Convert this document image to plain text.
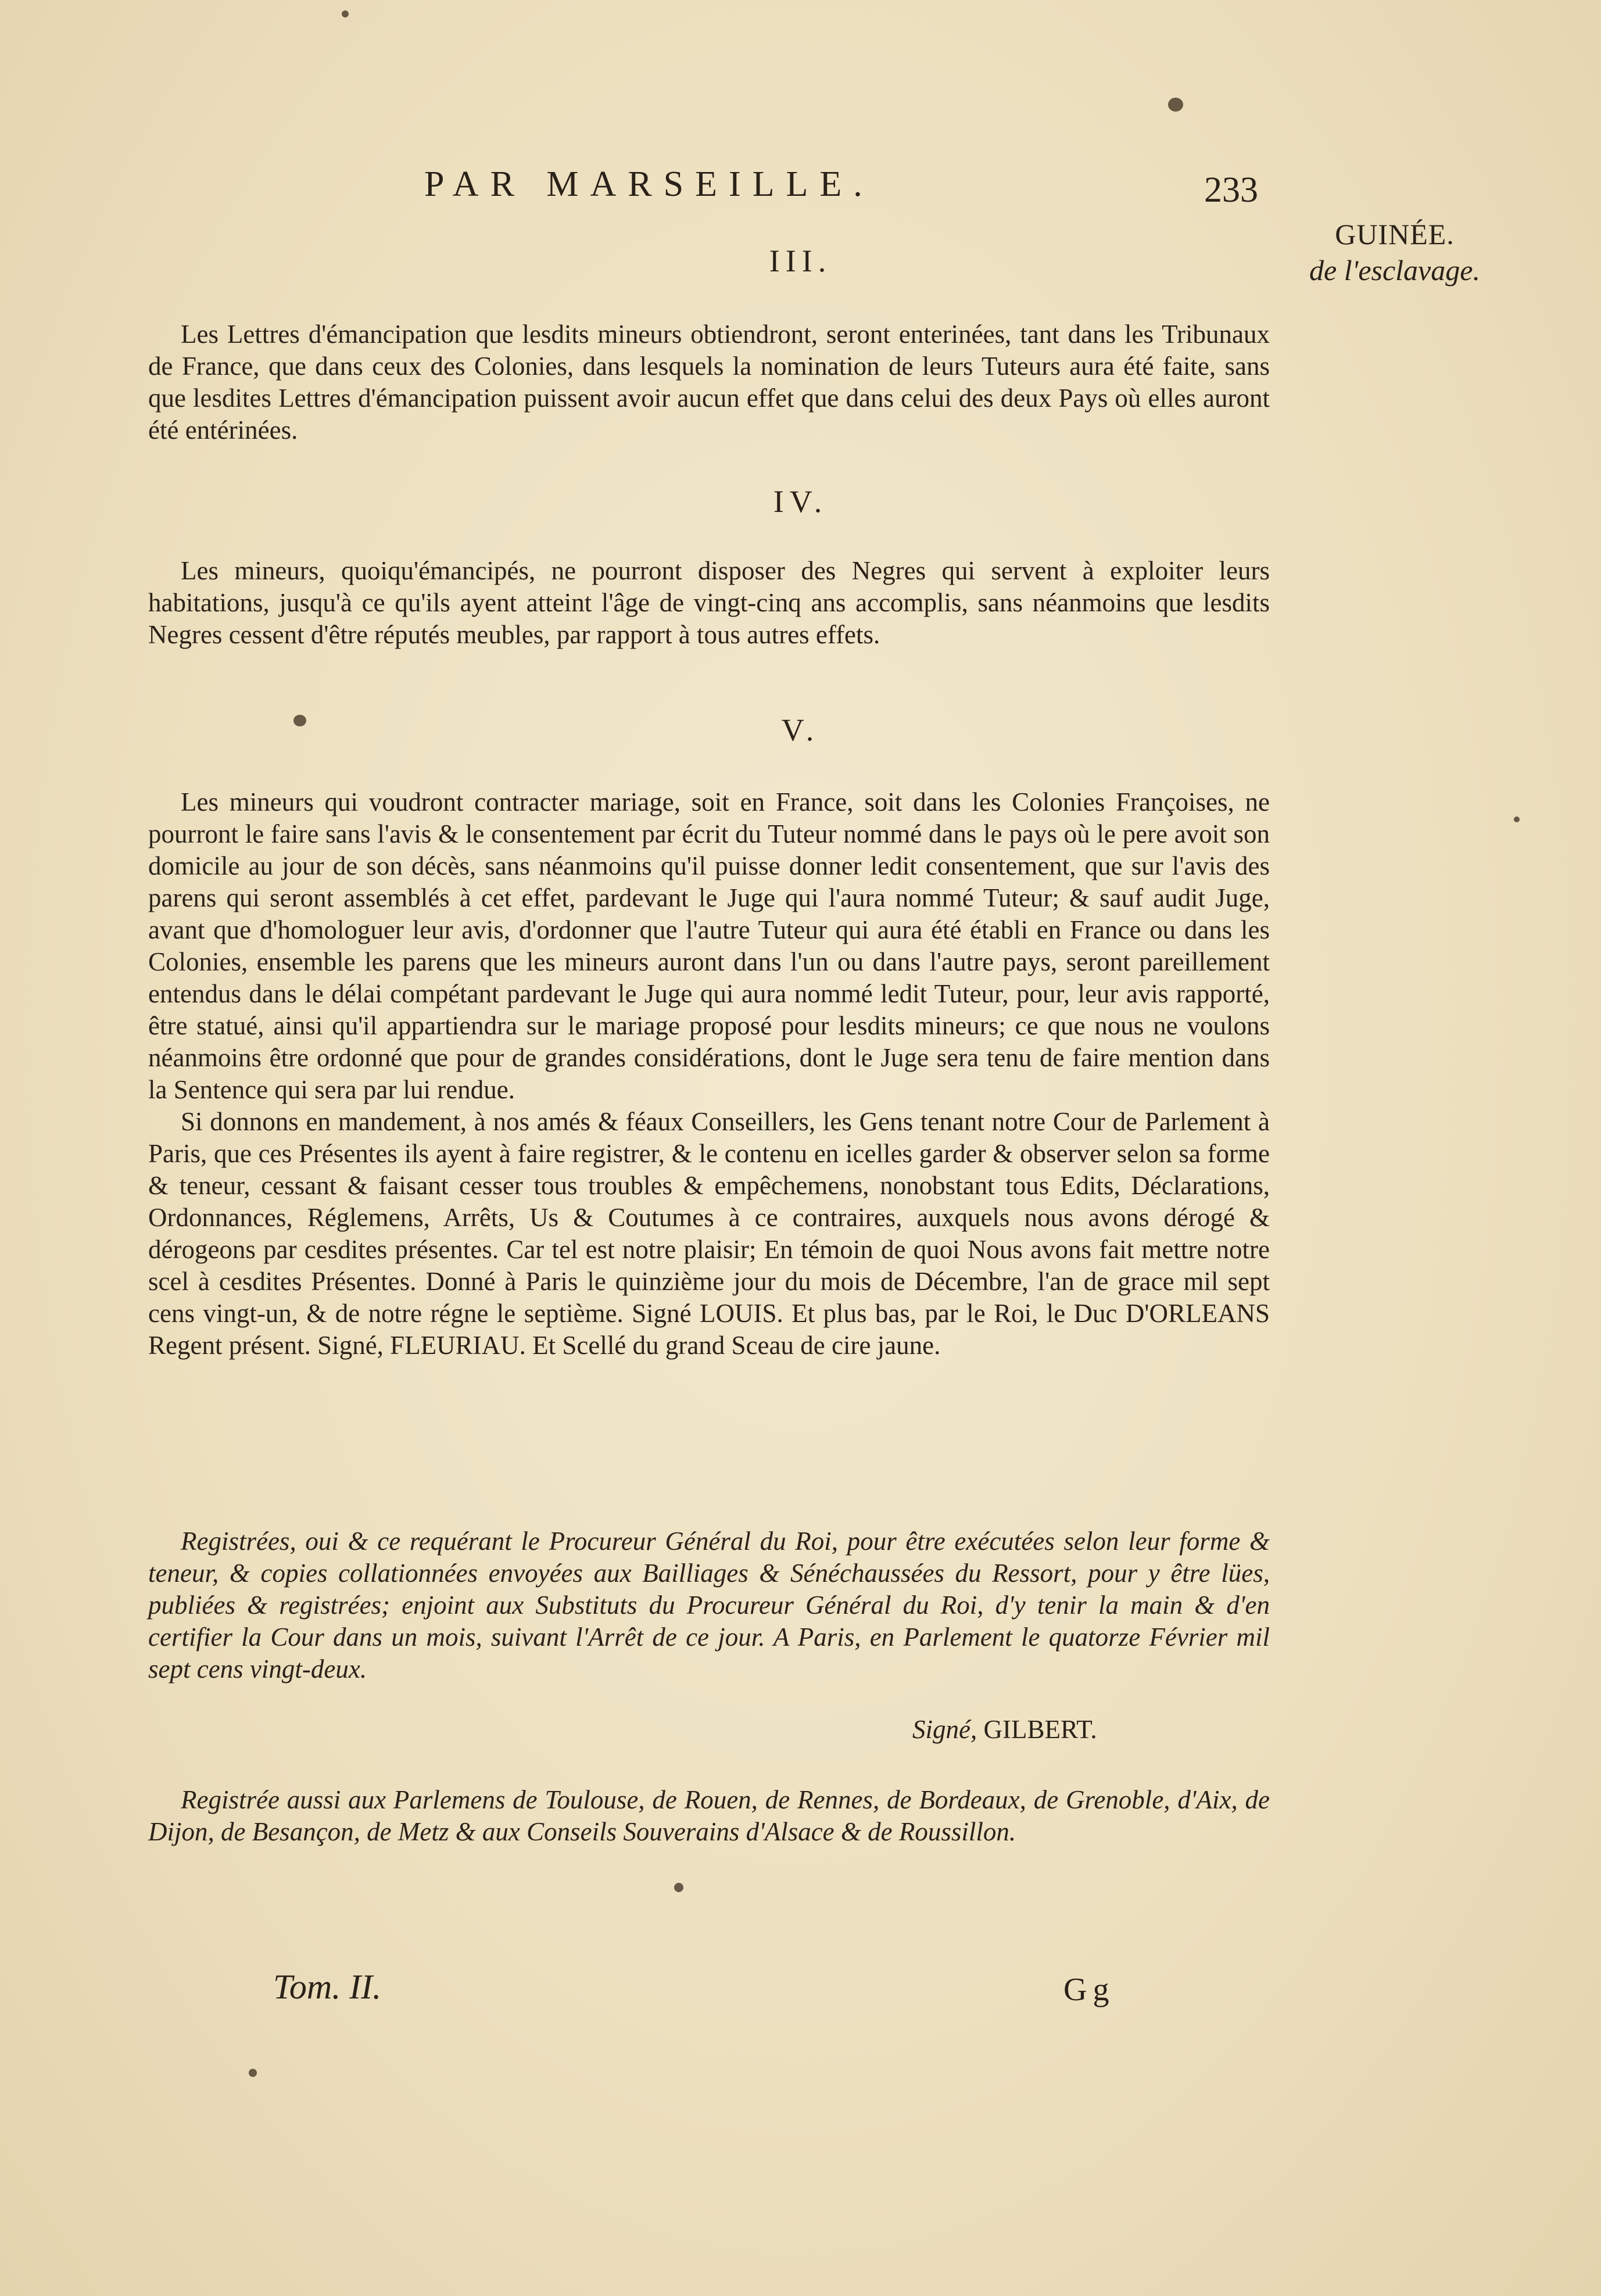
PAR MARSEILLE.	233
GUINÉE.
de l'esclavage.
III.

Les Lettres d'émancipation que lesdits mineurs obtiendront, seront enterinées, tant dans les Tribunaux de France, que dans ceux des Colonies, dans lesquels la nomination de leurs Tuteurs aura été faite, sans que lesdites Lettres d'émancipation puissent avoir aucun effet que dans celui des deux Pays où elles auront été entérinées.

IV.

Les mineurs, quoiqu'émancipés, ne pourront disposer des Negres qui servent à exploiter leurs habitations, jusqu'à ce qu'ils ayent atteint l'âge de vingt-cinq ans accomplis, sans néanmoins que lesdits Negres cessent d'être réputés meubles, par rapport à tous autres effets.

V.

Les mineurs qui voudront contracter mariage, soit en France, soit dans les Colonies Françoises, ne pourront le faire sans l'avis & le consentement par écrit du Tuteur nommé dans le pays où le pere avoit son domicile au jour de son décès, sans néanmoins qu'il puisse donner ledit consentement, que sur l'avis des parens qui seront assemblés à cet effet, pardevant le Juge qui l'aura nommé Tuteur; & sauf audit Juge, avant que d'homologuer leur avis, d'ordonner que l'autre Tuteur qui aura été établi en France ou dans les Colonies, ensemble les parens que les mineurs auront dans l'un ou dans l'autre pays, seront pareillement entendus dans le délai compétant pardevant le Juge qui aura nommé ledit Tuteur, pour, leur avis rapporté, être statué, ainsi qu'il appartiendra sur le mariage proposé pour lesdits mineurs; ce que nous ne voulons néanmoins être ordonné que pour de grandes considérations, dont le Juge sera tenu de faire mention dans la Sentence qui sera par lui rendue.

Si donnons en mandement, à nos amés & féaux Conseillers, les Gens tenant notre Cour de Parlement à Paris, que ces Présentes ils ayent à faire registrer, & le contenu en icelles garder & observer selon sa forme & teneur, cessant & faisant cesser tous troubles & empêchemens, nonobstant tous Edits, Déclarations, Ordonnances, Réglemens, Arrêts, Us & Coutumes à ce contraires, auxquels nous avons dérogé & dérogeons par cesdites présentes. Car tel est notre plaisir; En témoin de quoi Nous avons fait mettre notre scel à cesdites Présentes. Donné à Paris le quinzième jour du mois de Décembre, l'an de grace mil sept cens vingt-un, & de notre régne le septième. Signé LOUIS. Et plus bas, par le Roi, le Duc D'ORLEANS Regent présent. Signé, FLEURIAU. Et Scellé du grand Sceau de cire jaune.

Registrées, oui & ce requérant le Procureur Général du Roi, pour être exécutées selon leur forme & teneur, & copies collationnées envoyées aux Bailliages & Sénéchaussées du Ressort, pour y être lües, publiées & registrées; enjoint aux Substituts du Procureur Général du Roi, d'y tenir la main & d'en certifier la Cour dans un mois, suivant l'Arrêt de ce jour. A Paris, en Parlement le quatorze Février mil sept cens vingt-deux.

Signé, GILBERT.

Registrée aussi aux Parlemens de Toulouse, de Rouen, de Rennes, de Bordeaux, de Grenoble, d'Aix, de Dijon, de Besançon, de Metz & aux Conseils Souverains d'Alsace & de Roussillon.

Tom. II.	Gg
